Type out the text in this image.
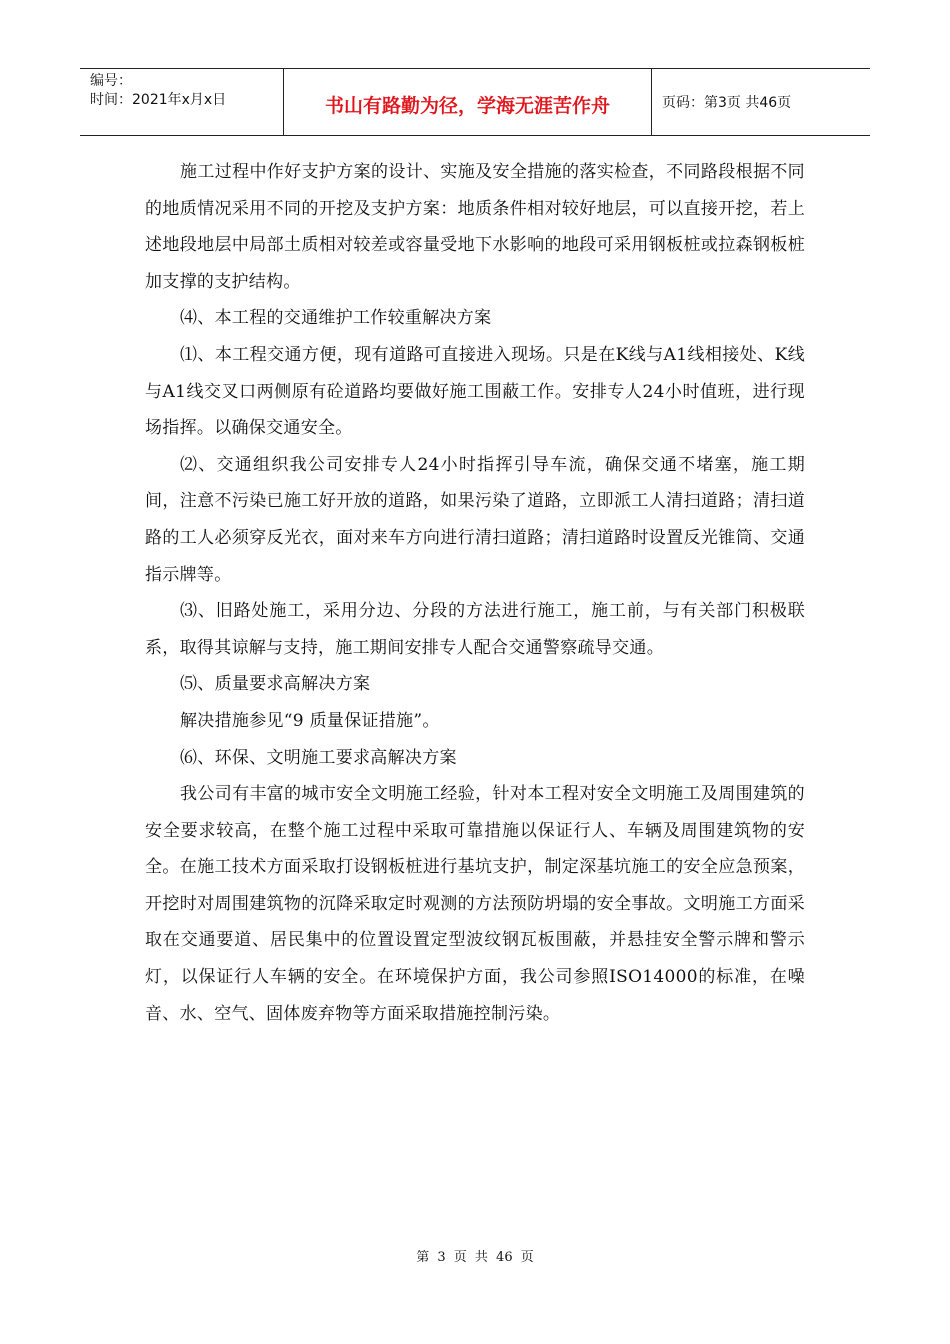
编号：
时间：2021年x月x日	书山有路勤为径，学海无涯苦作舟	页码：第3页 共46页

施工过程中作好支护方案的设计、实施及安全措施的落实检查，不同路段根据不同的地质情况采用不同的开挖及支护方案：地质条件相对较好地层，可以直接开挖，若上述地段地层中局部土质相对较差或容量受地下水影响的地段可采用钢板桩或拉森钢板桩加支撑的支护结构。

⑷、本工程的交通维护工作较重解决方案

⑴、本工程交通方便，现有道路可直接进入现场。只是在K线与A1线相接处、K线与A1线交叉口两侧原有砼道路均要做好施工围蔽工作。安排专人24小时值班，进行现场指挥。以确保交通安全。

⑵、交通组织我公司安排专人24小时指挥引导车流，确保交通不堵塞，施工期间，注意不污染已施工好开放的道路，如果污染了道路，立即派工人清扫道路；清扫道路的工人必须穿反光衣，面对来车方向进行清扫道路；清扫道路时设置反光锥筒、交通指示牌等。

⑶、旧路处施工，采用分边、分段的方法进行施工，施工前，与有关部门积极联系，取得其谅解与支持，施工期间安排专人配合交通警察疏导交通。

⑸、质量要求高解决方案

解决措施参见“9 质量保证措施”。

⑹、环保、文明施工要求高解决方案

我公司有丰富的城市安全文明施工经验，针对本工程对安全文明施工及周围建筑的安全要求较高，在整个施工过程中采取可靠措施以保证行人、车辆及周围建筑物的安全。在施工技术方面采取打设钢板桩进行基坑支护，制定深基坑施工的安全应急预案，开挖时对周围建筑物的沉降采取定时观测的方法预防坍塌的安全事故。文明施工方面采取在交通要道、居民集中的位置设置定型波纹钢瓦板围蔽，并悬挂安全警示牌和警示灯，以保证行人车辆的安全。在环境保护方面，我公司参照ISO14000的标准，在噪音、水、空气、固体废弃物等方面采取措施控制污染。

第 3 页 共 46 页
